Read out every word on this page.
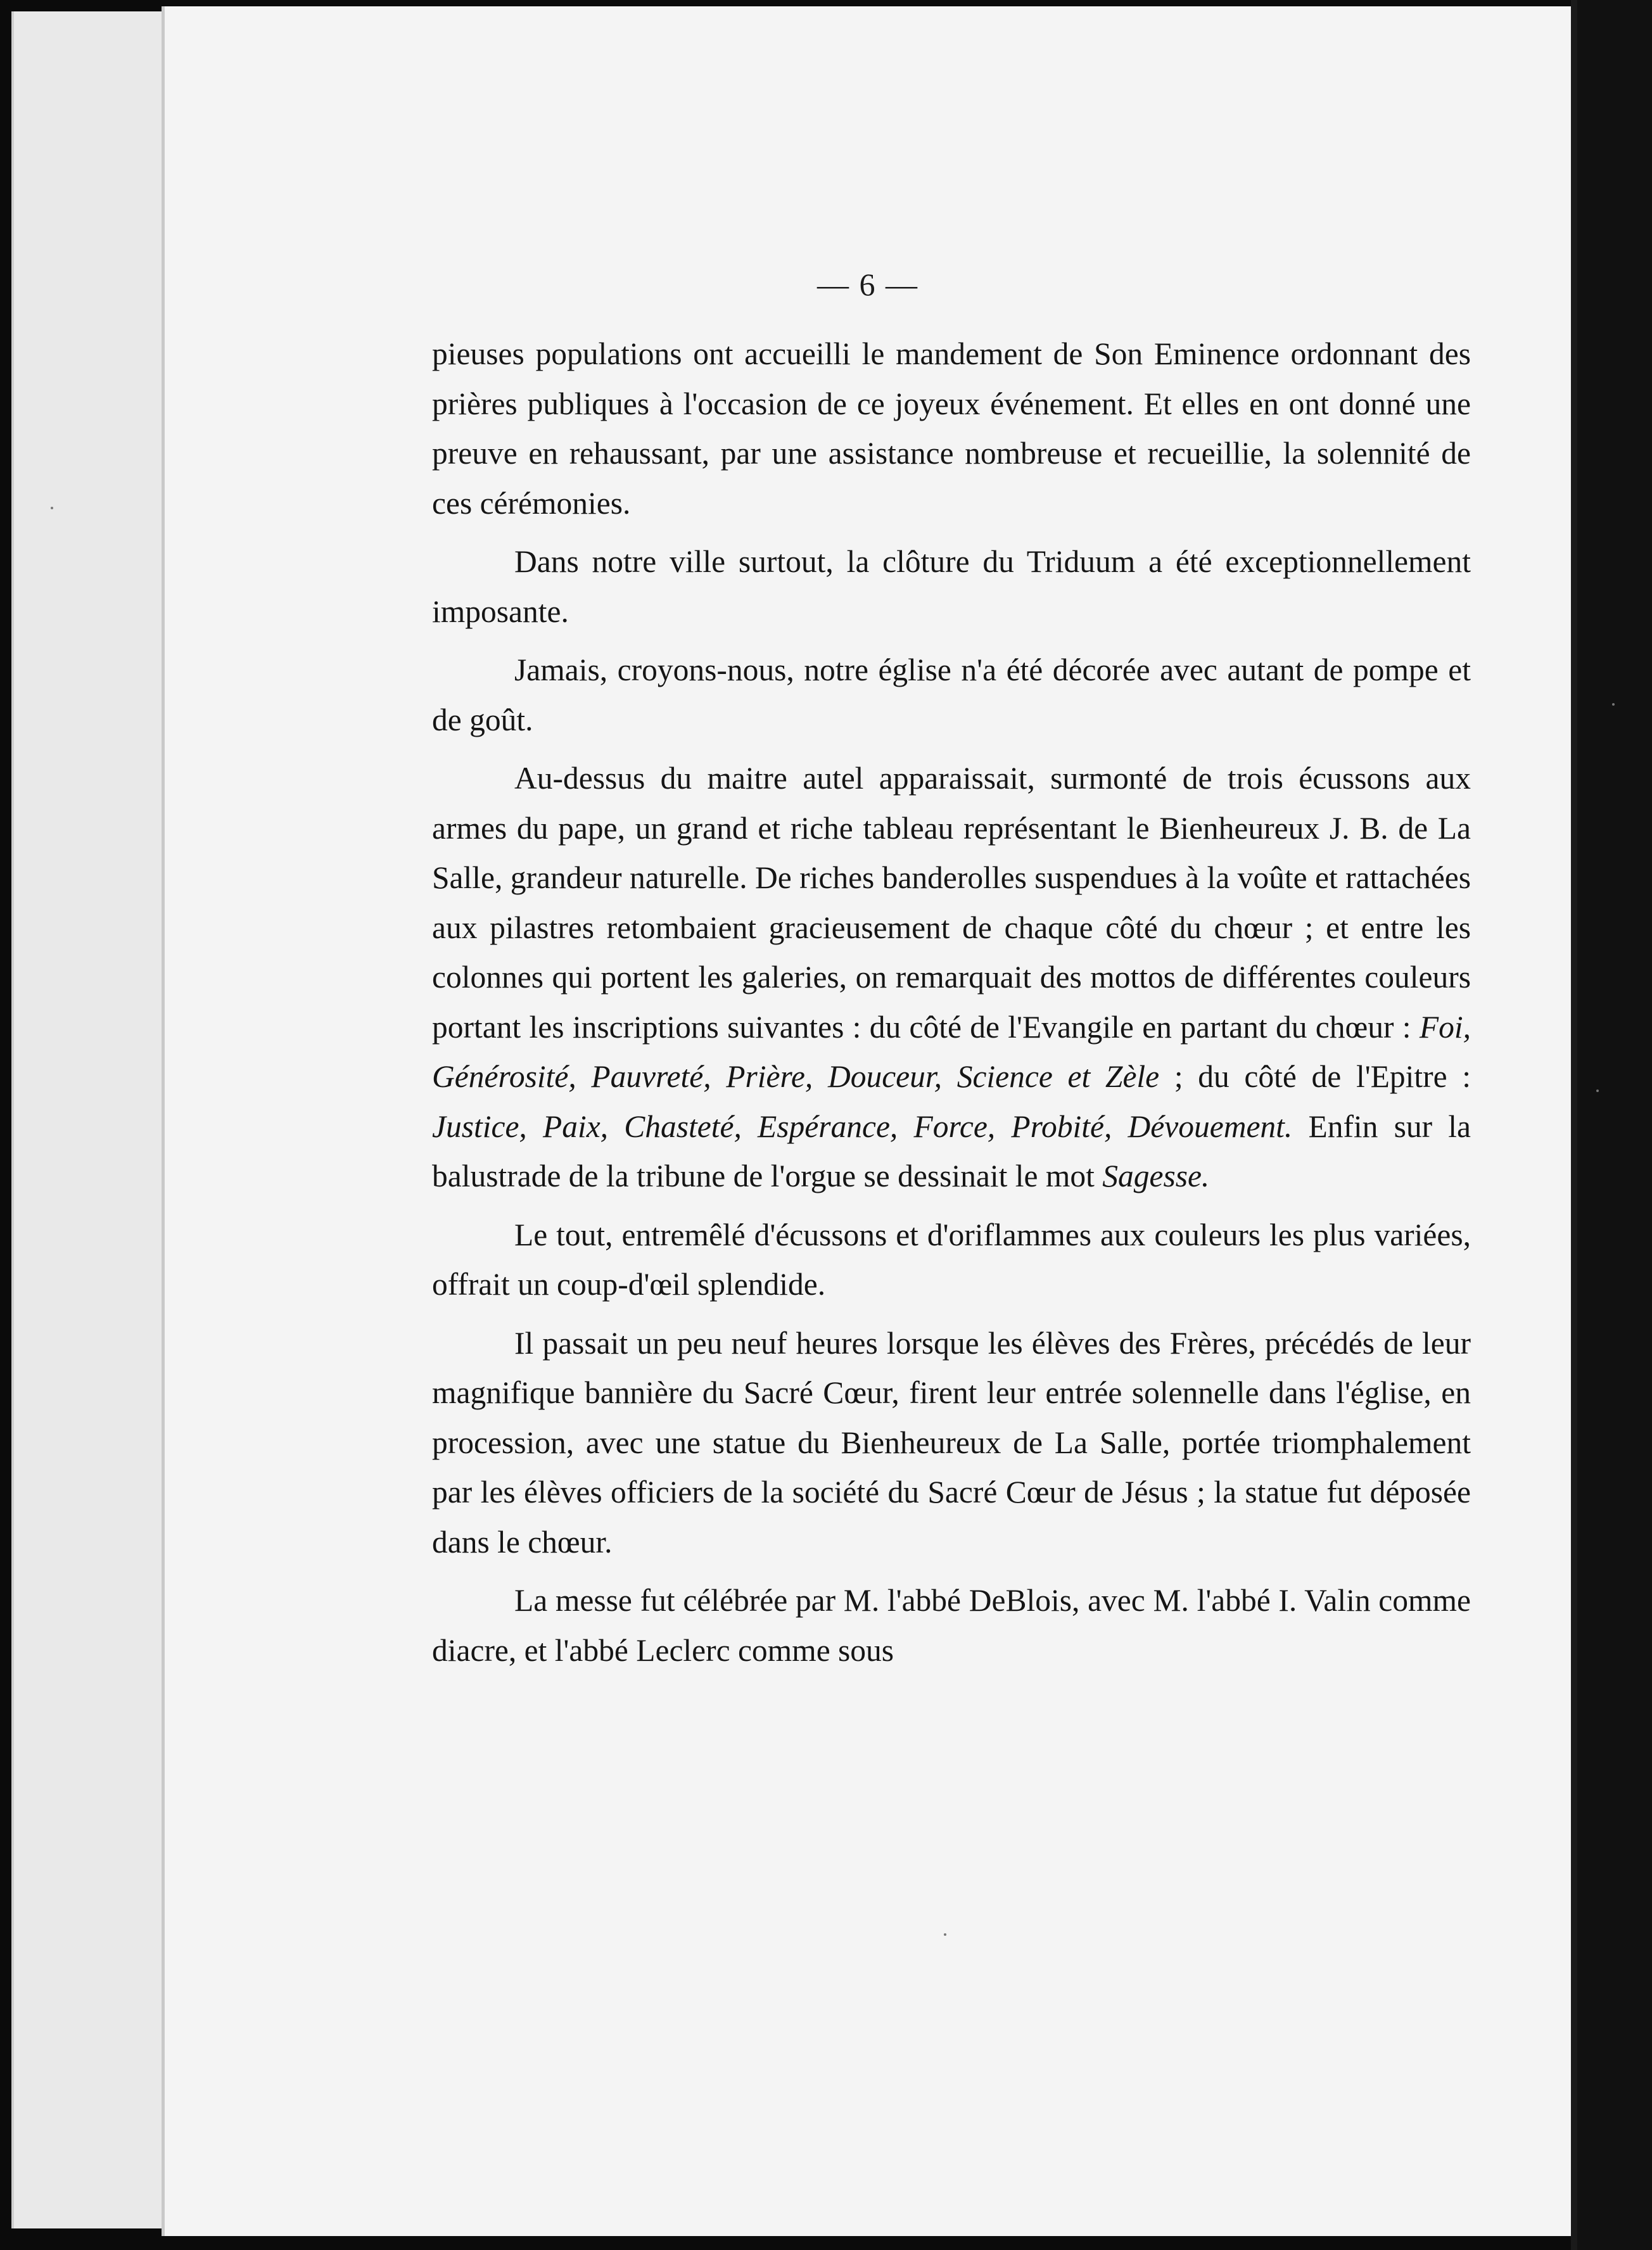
— 6 —

pieuses populations ont accueilli le mandement de Son Eminence ordonnant des prières publiques à l'occasion de ce joyeux événement. Et elles en ont donné une preuve en rehaussant, par une assistance nombreuse et recueillie, la solennité de ces cérémonies.

Dans notre ville surtout, la clôture du Triduum a été exceptionnellement imposante.

Jamais, croyons-nous, notre église n'a été décorée avec autant de pompe et de goût.

Au-dessus du maitre autel apparaissait, surmonté de trois écussons aux armes du pape, un grand et riche tableau représentant le Bienheureux J. B. de La Salle, grandeur naturelle. De riches banderolles suspendues à la voûte et rattachées aux pilastres retombaient gracieusement de chaque côté du chœur ; et entre les colonnes qui portent les galeries, on remarquait des mottos de différentes couleurs portant les inscriptions suivantes : du côté de l'Evangile en partant du chœur : Foi, Générosité, Pauvreté, Prière, Douceur, Science et Zèle ; du côté de l'Epitre : Justice, Paix, Chasteté, Espérance, Force, Probité, Dévouement. Enfin sur la balustrade de la tribune de l'orgue se dessinait le mot Sagesse.

Le tout, entremêlé d'écussons et d'oriflammes aux couleurs les plus variées, offrait un coup-d'œil splendide.

Il passait un peu neuf heures lorsque les élèves des Frères, précédés de leur magnifique bannière du Sacré Cœur, firent leur entrée solennelle dans l'église, en procession, avec une statue du Bienheureux de La Salle, portée triomphalement par les élèves officiers de la société du Sacré Cœur de Jésus ; la statue fut déposée dans le chœur.

La messe fut célébrée par M. l'abbé DeBlois, avec M. l'abbé I. Valin comme diacre, et l'abbé Leclerc comme sous
